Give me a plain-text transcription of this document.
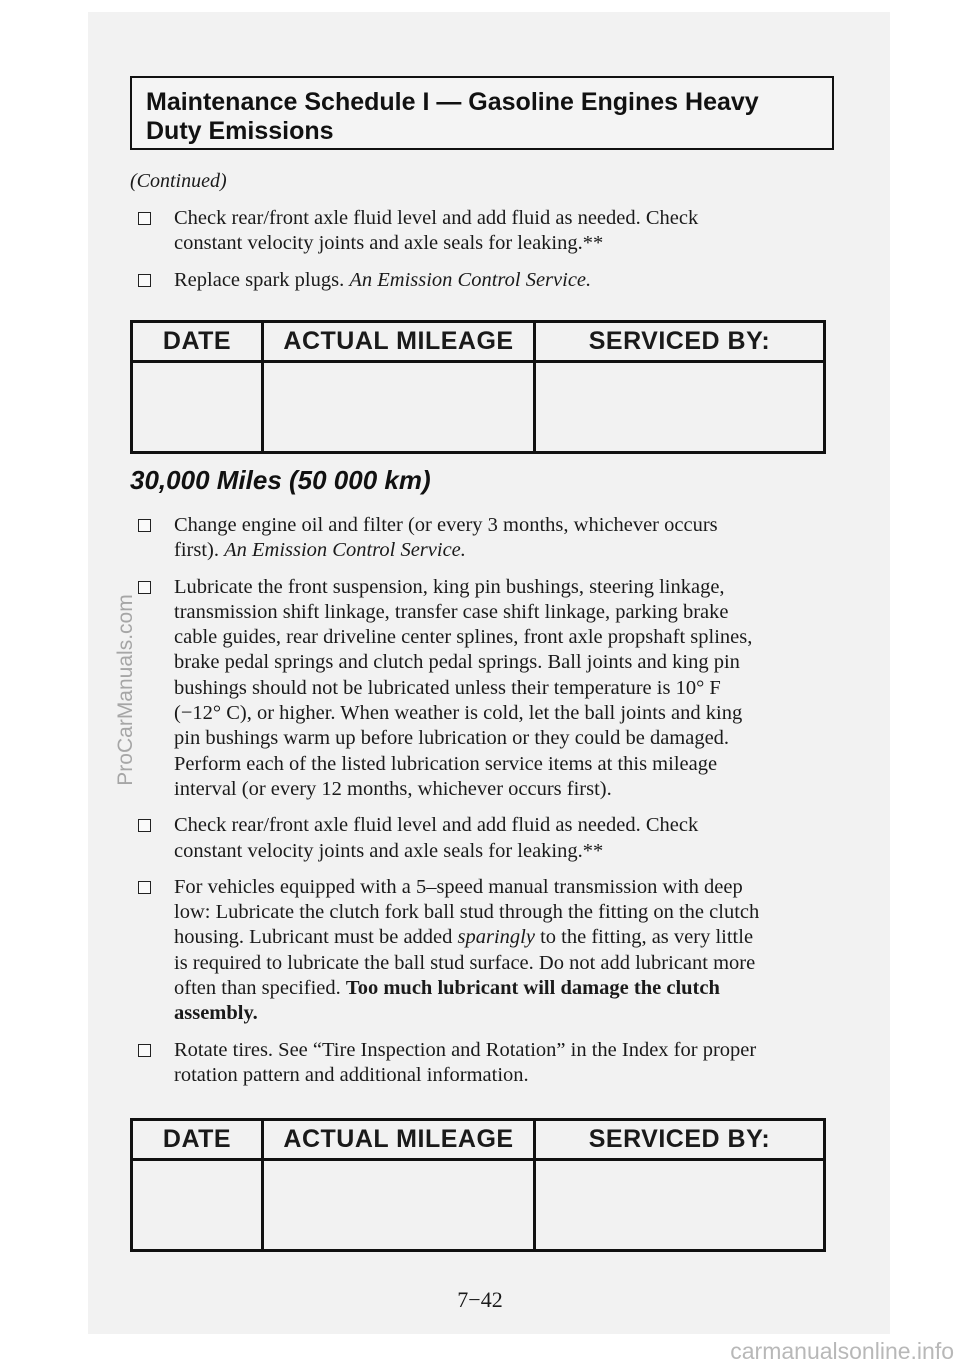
Maintenance Schedule I — Gasoline Engines Heavy
Duty Emissions
(Continued)
Check rear/front axle fluid level and add fluid as needed. Check
constant velocity joints and axle seals for leaking.**
Replace spark plugs. An Emission Control Service.
DATE	ACTUAL MILEAGE	SERVICED BY:
30,000 Miles (50 000 km)
Change engine oil and filter (or every 3 months, whichever occurs
first). An Emission Control Service.
Lubricate the front suspension, king pin bushings, steering linkage,
transmission shift linkage, transfer case shift linkage, parking brake
cable guides, rear driveline center splines, front axle propshaft splines,
brake pedal springs and clutch pedal springs. Ball joints and king pin
bushings should not be lubricated unless their temperature is 10° F
(−12° C), or higher. When weather is cold, let the ball joints and king
pin bushings warm up before lubrication or they could be damaged.
Perform each of the listed lubrication service items at this mileage
interval (or every 12 months, whichever occurs first).
Check rear/front axle fluid level and add fluid as needed. Check
constant velocity joints and axle seals for leaking.**
For vehicles equipped with a 5–speed manual transmission with deep
low: Lubricate the clutch fork ball stud through the fitting on the clutch
housing. Lubricant must be added sparingly to the fitting, as very little
is required to lubricate the ball stud surface. Do not add lubricant more
often than specified. Too much lubricant will damage the clutch
assembly.
Rotate tires. See “Tire Inspection and Rotation” in the Index for proper
rotation pattern and additional information.
DATE	ACTUAL MILEAGE	SERVICED BY:
7−42
ProCarManuals.com
carmanualsonline.info
